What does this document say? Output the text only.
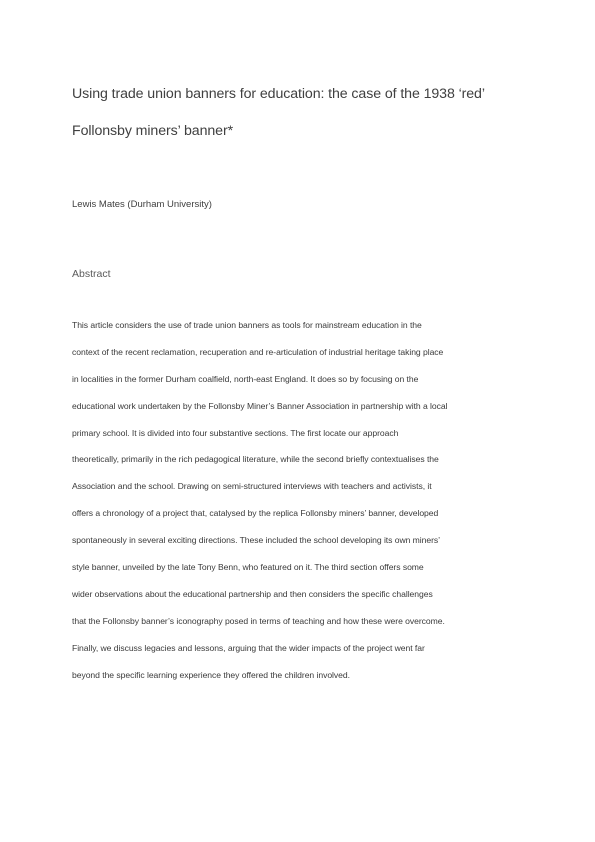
Using trade union banners for education: the case of the 1938 ‘red’
Follonsby miners’ banner*
Lewis Mates (Durham University)
Abstract
This article considers the use of trade union banners as tools for mainstream education in the
context of the recent reclamation, recuperation and re-articulation of industrial heritage taking place
in localities in the former Durham coalfield, north-east England. It does so by focusing on the
educational work undertaken by the Follonsby Miner’s Banner Association in partnership with a local
primary school. It is divided into four substantive sections. The first locate our approach
theoretically, primarily in the rich pedagogical literature, while the second briefly contextualises the
Association and the school. Drawing on semi-structured interviews with teachers and activists, it
offers a chronology of a project that, catalysed by the replica Follonsby miners’ banner, developed
spontaneously in several exciting directions. These included the school developing its own miners’
style banner, unveiled by the late Tony Benn, who featured on it. The third section offers some
wider observations about the educational partnership and then considers the specific challenges
that the Follonsby banner’s iconography posed in terms of teaching and how these were overcome.
Finally, we discuss legacies and lessons, arguing that the wider impacts of the project went far
beyond the specific learning experience they offered the children involved.
